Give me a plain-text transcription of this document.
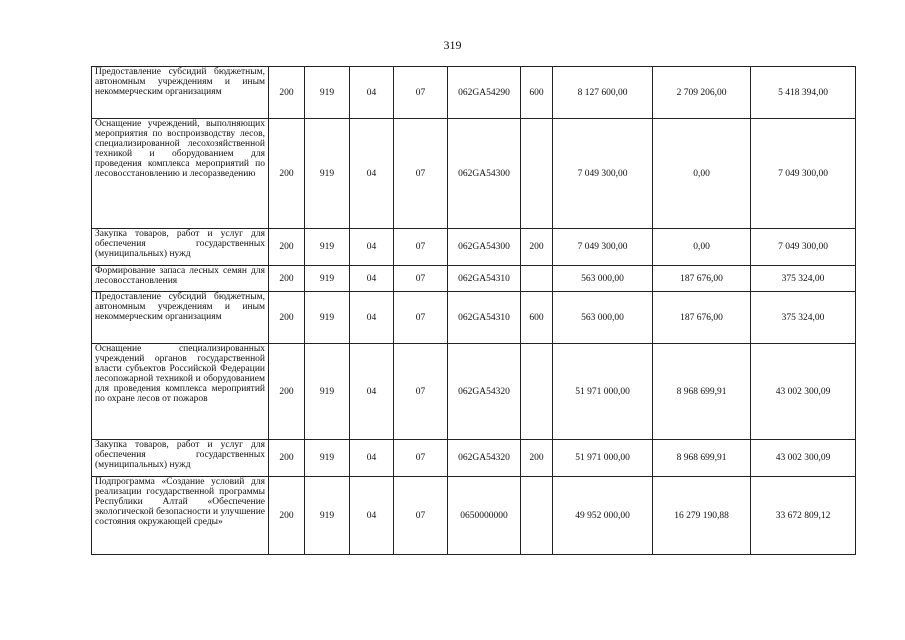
319
Предоставление субсидий бюджетным, автономным учреждениям и иным некоммерческим организациям	200	919	04	07	062GA54290	600	8 127 600,00	2 709 206,00	5 418 394,00
Оснащение учреждений, выполняющих мероприятия по воспроизводству лесов, специализированной лесохозяйственной техникой и оборудованием для проведения комплекса мероприятий по лесовосстановлению и лесоразведению	200	919	04	07	062GA54300		7 049 300,00	0,00	7 049 300,00
Закупка товаров, работ и услуг для обеспечения государственных (муниципальных) нужд	200	919	04	07	062GA54300	200	7 049 300,00	0,00	7 049 300,00
Формирование запаса лесных семян для лесовосстановления	200	919	04	07	062GA54310		563 000,00	187 676,00	375 324,00
Предоставление субсидий бюджетным, автономным учреждениям и иным некоммерческим организациям	200	919	04	07	062GA54310	600	563 000,00	187 676,00	375 324,00
Оснащение специализированных учреждений органов государственной власти субъектов Российской Федерации лесопожарной техникой и оборудованием для проведения комплекса мероприятий по охране лесов от пожаров	200	919	04	07	062GA54320		51 971 000,00	8 968 699,91	43 002 300,09
Закупка товаров, работ и услуг для обеспечения государственных (муниципальных) нужд	200	919	04	07	062GA54320	200	51 971 000,00	8 968 699,91	43 002 300,09
Подпрограмма «Создание условий для реализации государственной программы Республики Алтай «Обеспечение экологической безопасности и улучшение состояния окружающей среды»	200	919	04	07	0650000000		49 952 000,00	16 279 190,88	33 672 809,12
